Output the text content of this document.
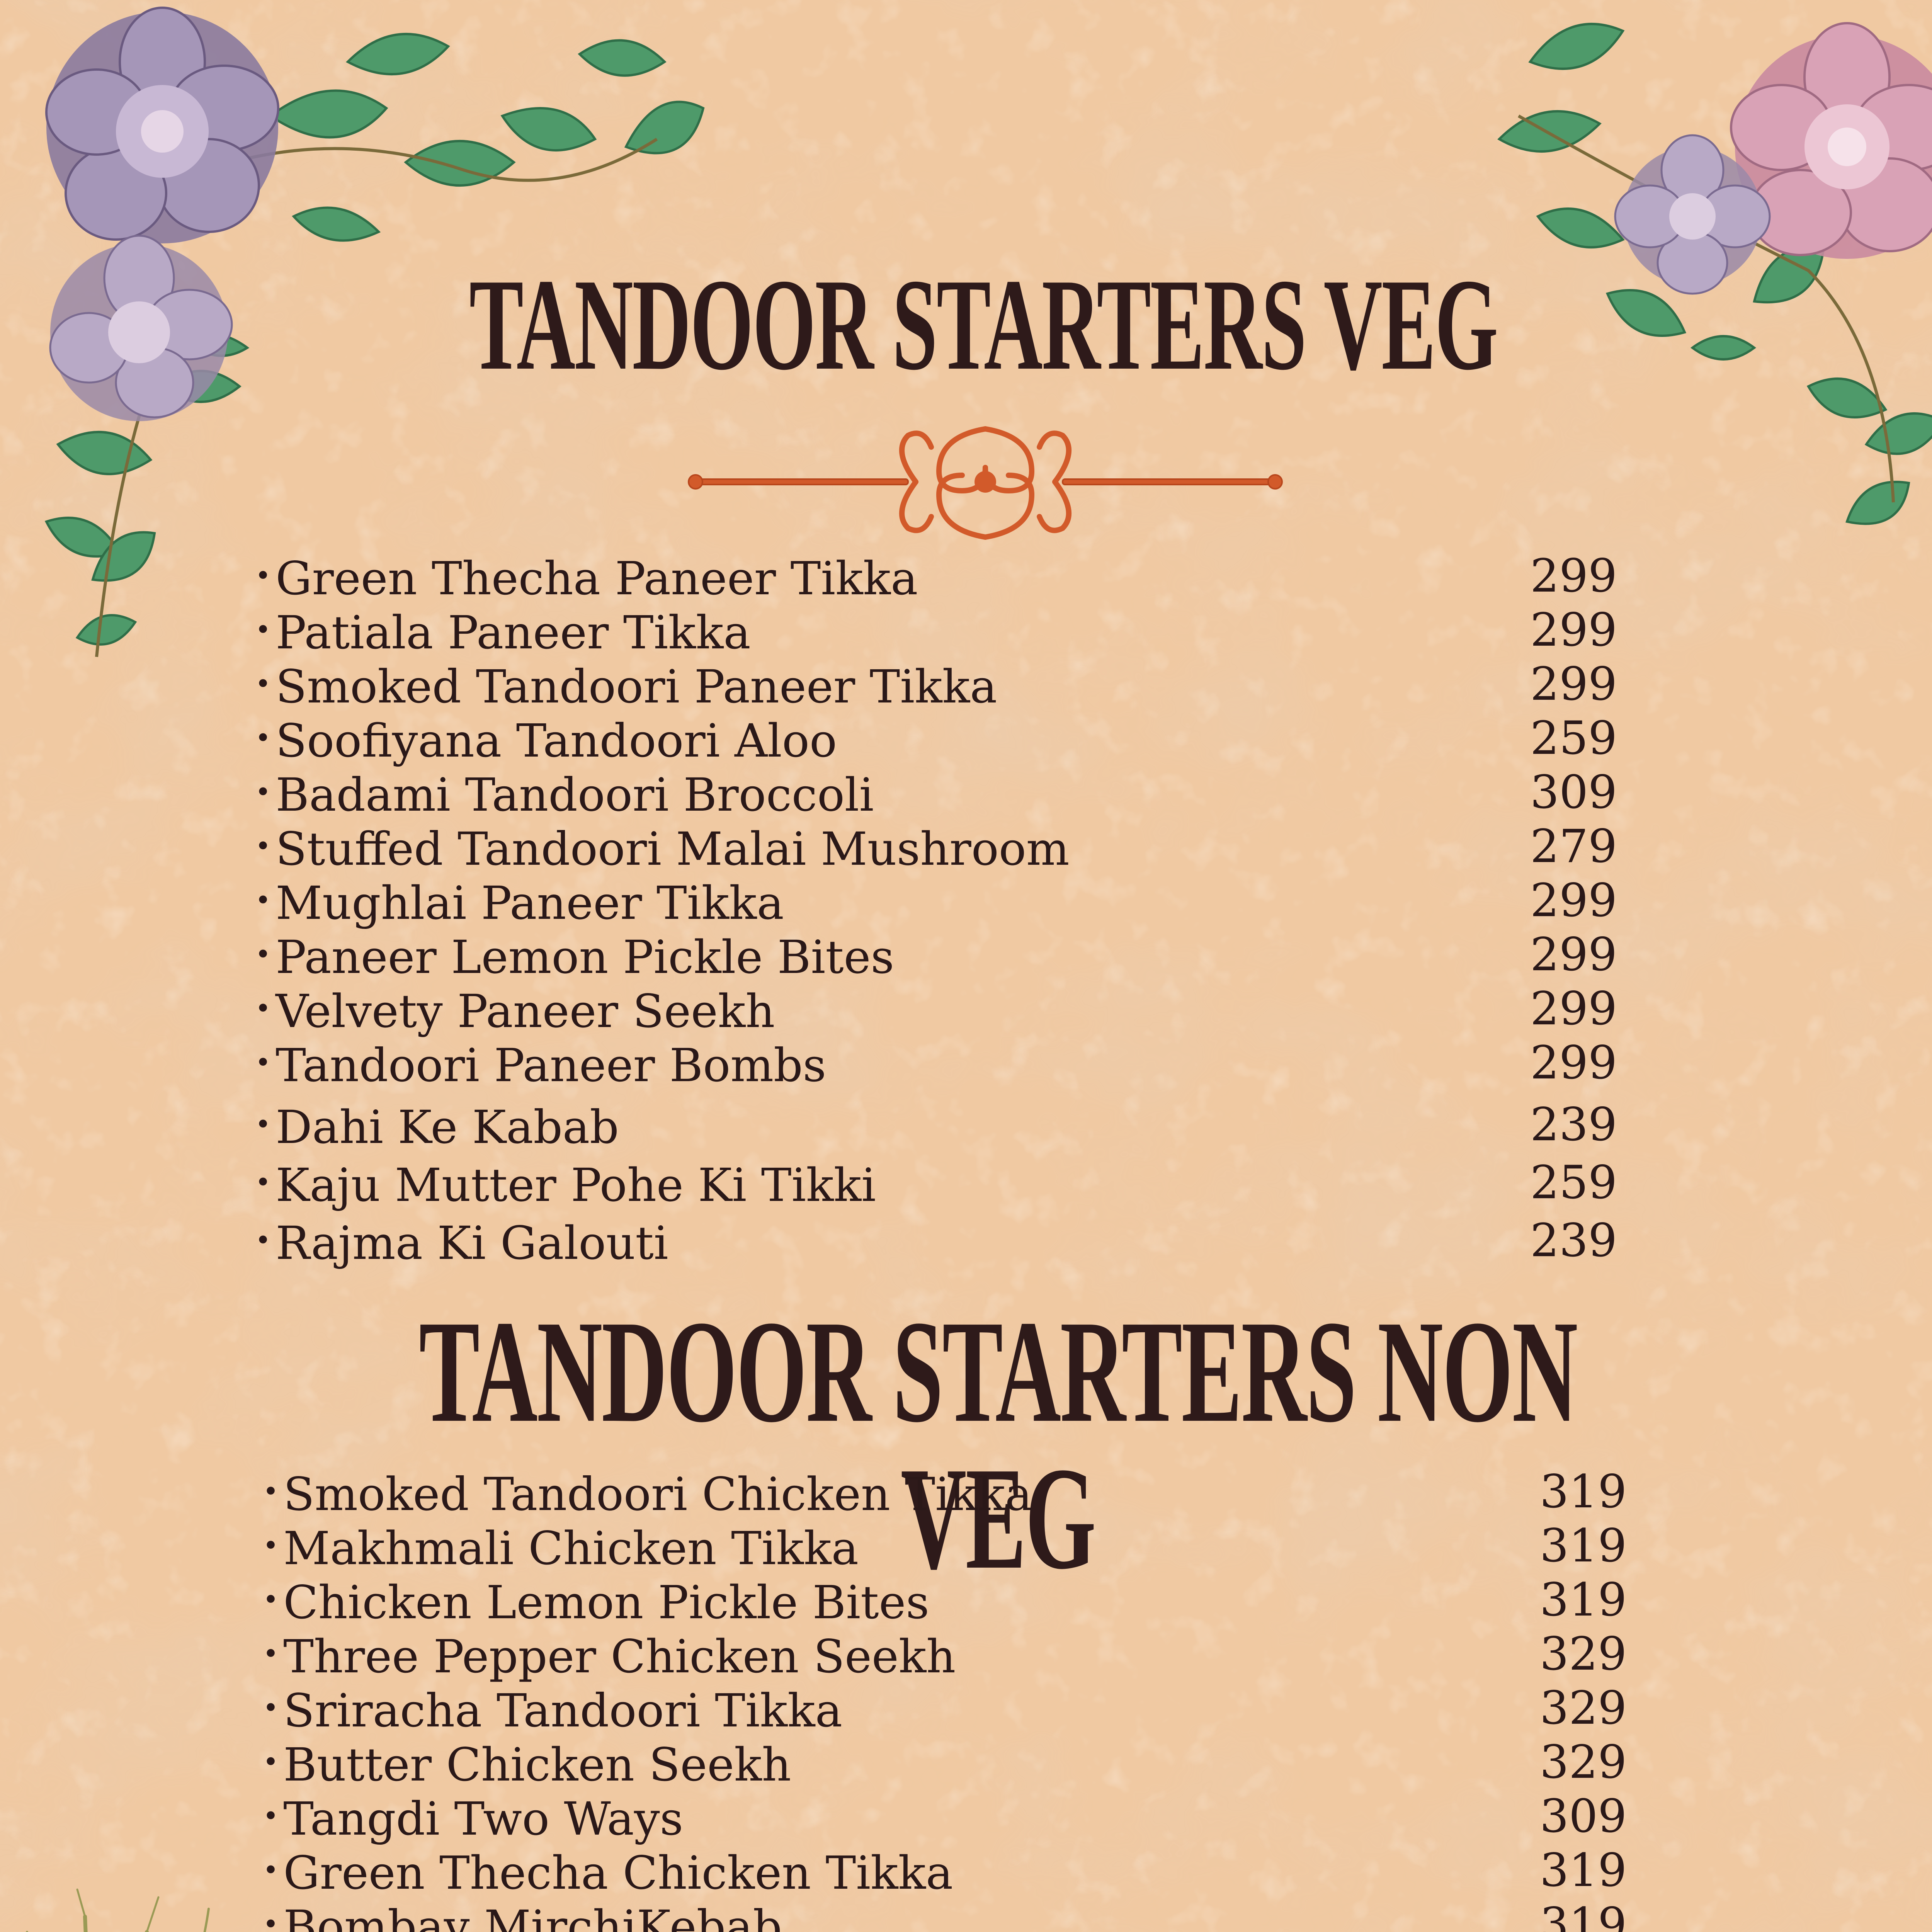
TANDOOR STARTERS VEG
• Green Thecha Paneer Tikka	299
• Patiala Paneer Tikka	299
• Smoked Tandoori Paneer Tikka	299
• Soofiyana Tandoori Aloo	259
• Badami Tandoori Broccoli	309
• Stuffed Tandoori Malai Mushroom	279
• Mughlai Paneer Tikka	299
• Paneer Lemon Pickle Bites	299
• Velvety Paneer Seekh	299
• Tandoori Paneer Bombs	299
• Dahi Ke Kabab	239
• Kaju Mutter Pohe Ki Tikki	259
• Rajma Ki Galouti	239
TANDOOR STARTERS NON VEG
• Smoked Tandoori Chicken Tikka	319
• Makhmali Chicken Tikka	319
• Chicken Lemon Pickle Bites	319
• Three Pepper Chicken Seekh	329
• Sriracha Tandoori Tikka	329
• Butter Chicken Seekh	329
• Tangdi Two Ways	309
• Green Thecha Chicken Tikka	319
• Bombay MirchiKebab	319
